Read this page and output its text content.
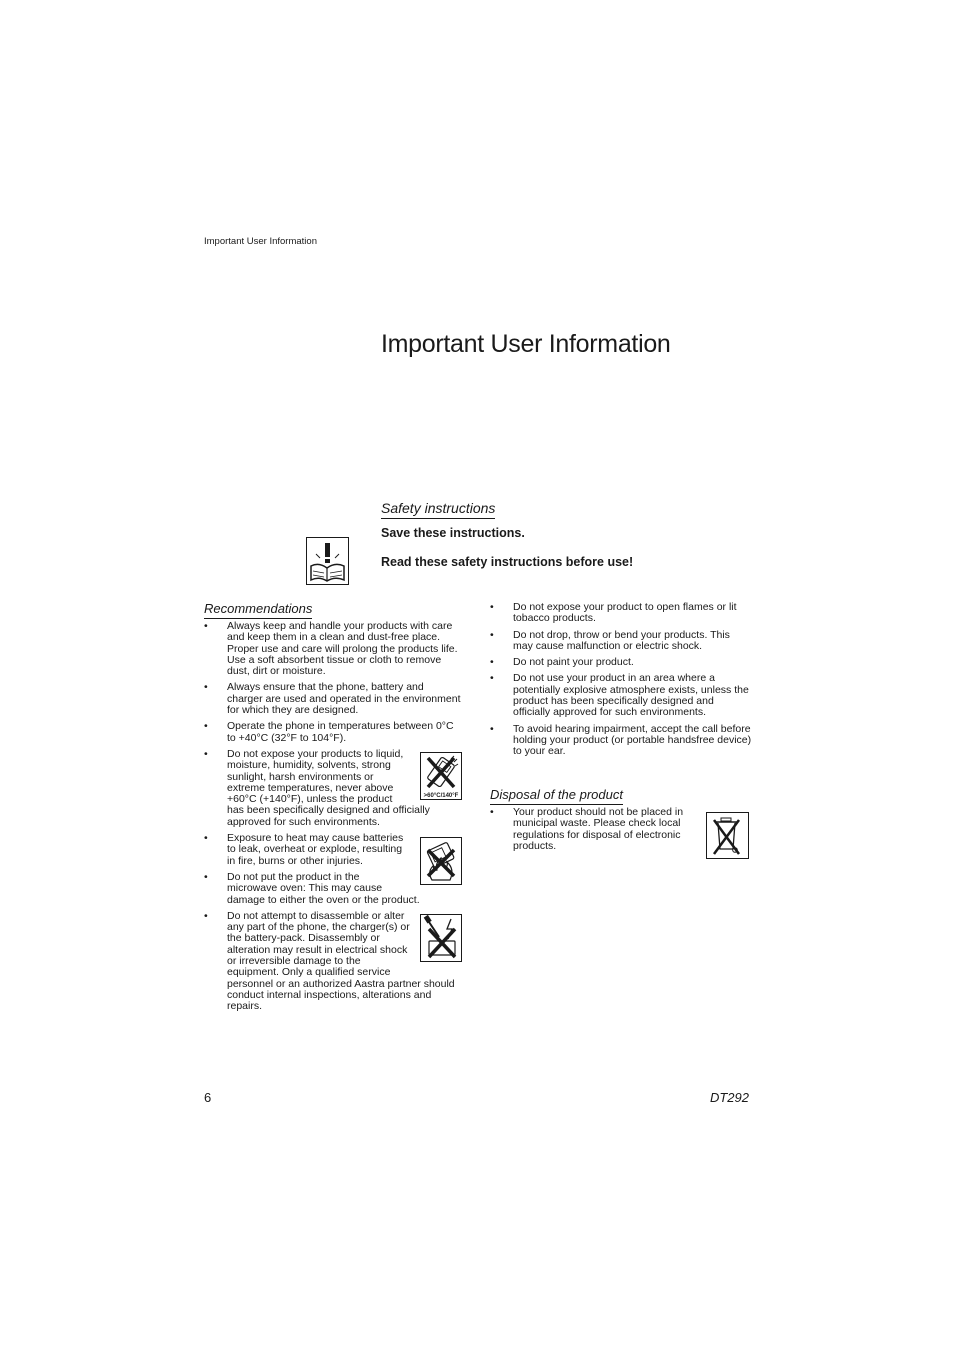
Important User Information
Important User Information
Safety instructions
Save these instructions.
Read these safety instructions before use!
Recommendations
• Always keep and handle your products with care and keep them in a clean and dust-free place. Proper use and care will prolong the products life. Use a soft absorbent tissue or cloth to remove dust, dirt or moisture.
• Always ensure that the phone, battery and charger are used and operated in the environment for which they are designed.
• Operate the phone in temperatures between 0°C to +40°C (32°F to 104°F).
• Do not expose your products to liquid, moisture, humidity, solvents, strong sunlight, harsh environments or extreme temperatures, never above +60°C (+140°F), unless the product has been specifically designed and officially approved for such environments.
• Exposure to heat may cause batteries to leak, overheat or explode, resulting in fire, burns or other injuries.
• Do not put the product in the microwave oven: This may cause damage to either the oven or the product.
• Do not attempt to disassemble or alter any part of the phone, the charger(s) or the battery-pack. Disassembly or alteration may result in electrical shock or irreversible damage to the equipment. Only a qualified service personnel or an authorized Aastra partner should conduct internal inspections, alterations and repairs.
>60°C/140°F
• Do not expose your product to open flames or lit tobacco products.
• Do not drop, throw or bend your products. This may cause malfunction or electric shock.
• Do not paint your product.
• Do not use your product in an area where a potentially explosive atmosphere exists, unless the product has been specifically designed and officially approved for such environments.
• To avoid hearing impairment, accept the call before holding your product (or portable handsfree device) to your ear.
Disposal of the product
• Your product should not be placed in municipal waste. Please check local regulations for disposal of electronic products.
6	DT292
